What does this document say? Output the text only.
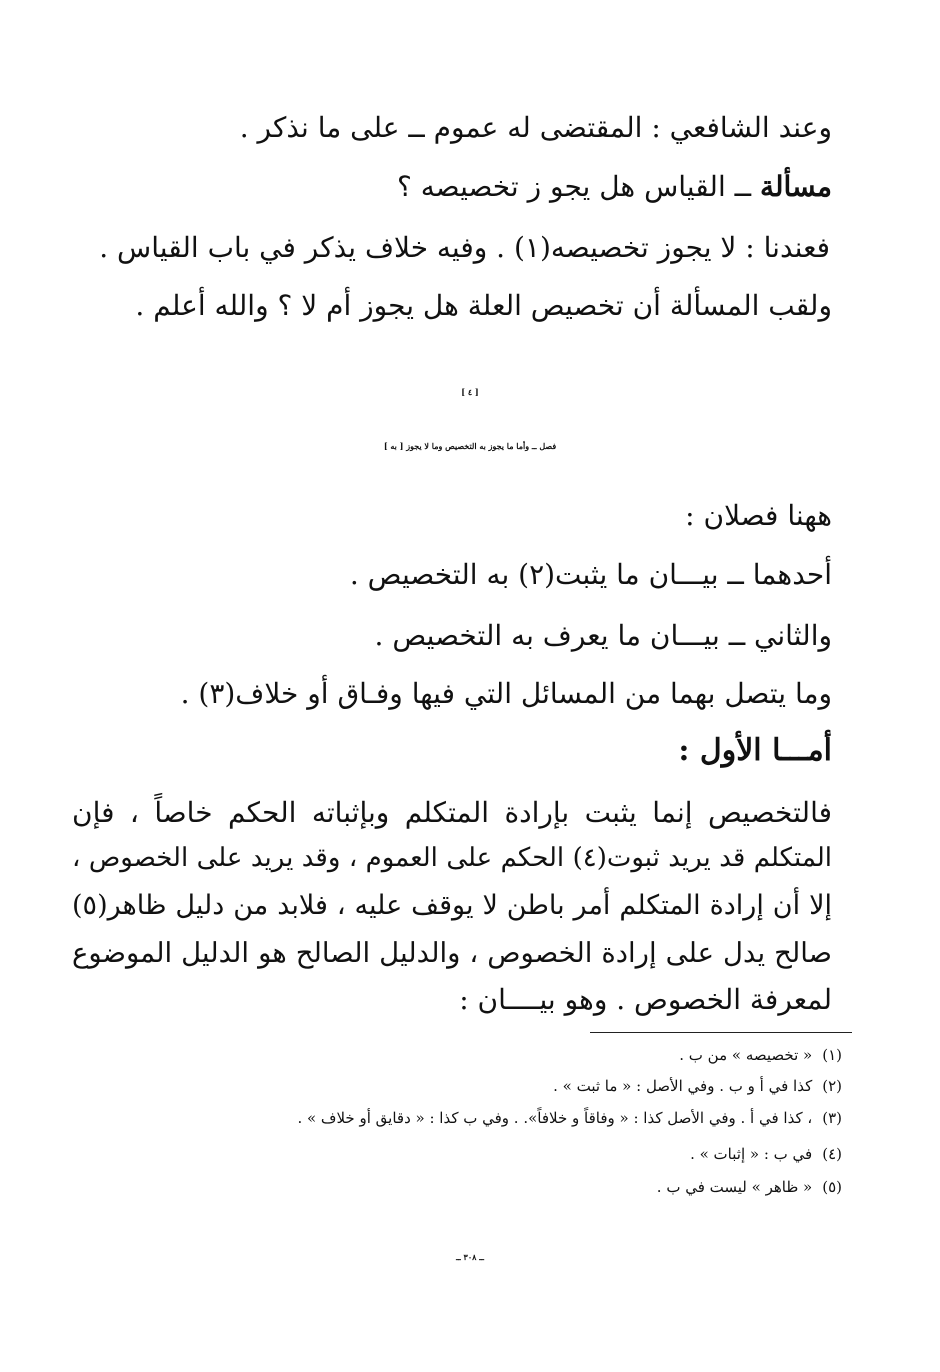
وعند الشافعي : المقتضى له عموم ــ على ما نذكر .
مسألة ــ القياس هل يجو ز تخصيصه ؟
فعندنا : لا يجوز تخصيصه(١) . وفيه خلاف يذكر في باب القياس .
ولقب المسألة أن تخصيص العلة هل يجوز أم لا ؟ والله أعلم .
[ ٤ ]
فصل ــ وأما ما يجوز به التخصيص وما لا يجوز [ به ]
ههنا فصلان :
أحدهما ــ بيـــان ما يثبت(٢) به التخصيص .
والثاني ــ بيـــان ما يعرف به التخصيص .
وما يتصل بهما من المسائل التي فيها وفـاق أو خلاف(٣) .
أمـــا الأول :
فالتخصيص إنما يثبت بإرادة المتكلم وبإثباته الحكم خاصاً ، فإن
المتكلم قد يريد ثبوت(٤) الحكم على العموم ، وقد يريد على الخصوص ،
إلا أن إرادة المتكلم أمر باطن لا يوقف عليه ، فلابد من دليل ظاهر(٥)
صالح يدل على إرادة الخصوص ، والدليل الصالح هو الدليل الموضوع
لمعرفة الخصوص . وهو بيــــان :
(١)« تخصيصه » من ب .
(٢)كذا في أ و ب . وفي الأصل : « ما ثبت » .
(٣)، كذا في أ . وفي الأصل كذا : « وفاقاً و خلافاً». . وفي ب كذا : « دقايق أو خلاف » .
(٤)في ب : « إثبات » .
(٥)« ظاهر » ليست في ب .
ــ ٣٠٨ ــ
